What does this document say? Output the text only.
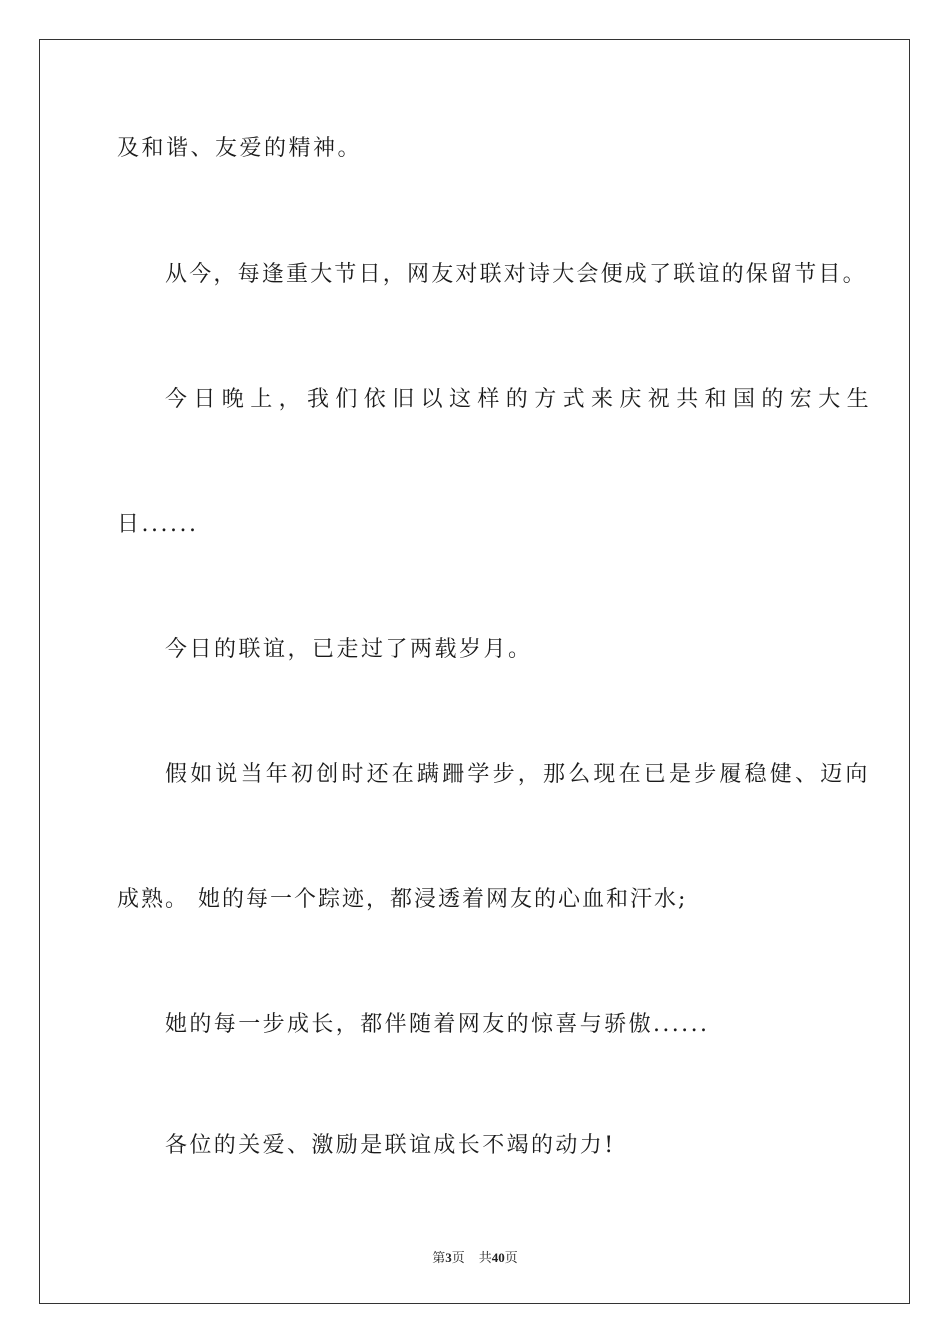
及和谐、友爱的精神。
从今，每逢重大节日，网友对联对诗大会便成了联谊的保留节目。
今日晚上，我们依旧以这样的方式来庆祝共和国的宏大生
日......
今日的联谊，已走过了两载岁月。
假如说当年初创时还在蹒跚学步，那么现在已是步履稳健、迈向
成熟。 她的每一个踪迹，都浸透着网友的心血和汗水;
她的每一步成长，都伴随着网友的惊喜与骄傲......
各位的关爱、激励是联谊成长不竭的动力!
第3页 共40页
